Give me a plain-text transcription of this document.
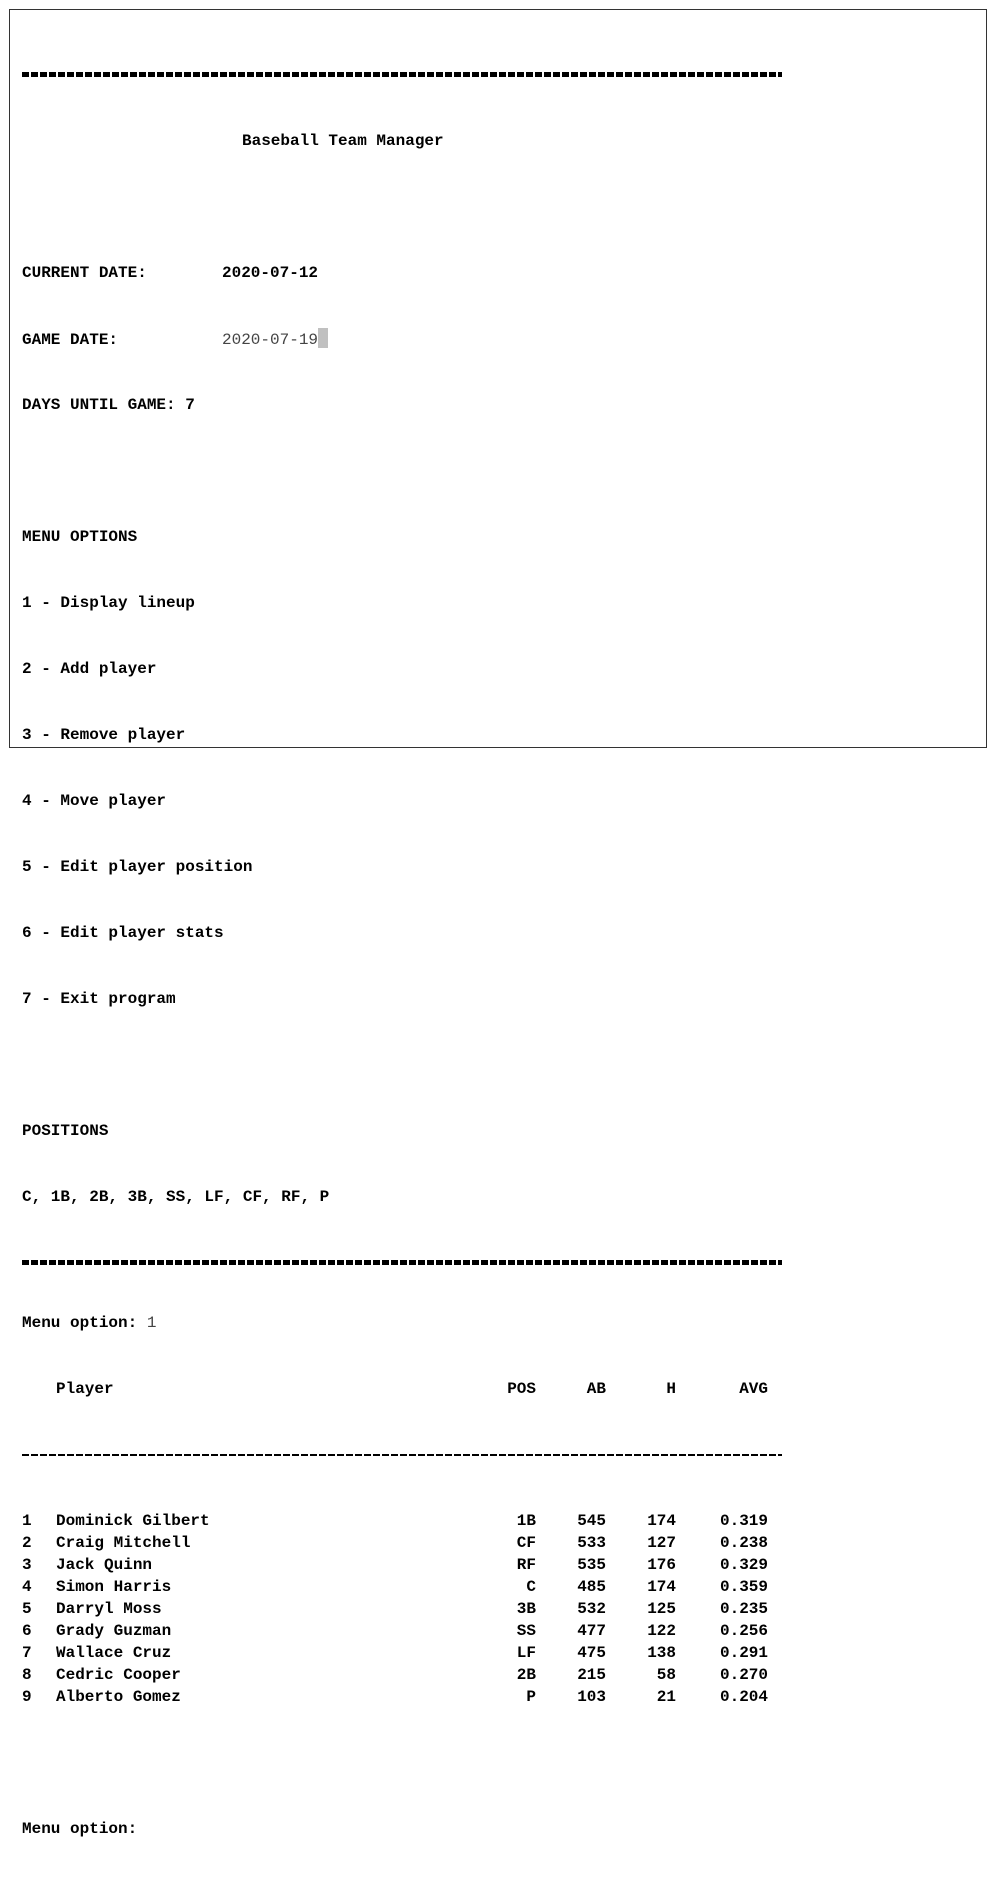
Baseball Team Manager

CURRENT DATE:	2020-07-12

GAME DATE:	2020-07-19

DAYS UNTIL GAME: 7

MENU OPTIONS

1 - Display lineup

2 - Add player

3 - Remove player

4 - Move player

5 - Edit player position

6 - Edit player stats

7 - Exit program

POSITIONS

C, 1B, 2B, 3B, SS, LF, CF, RF, P

Menu option: 1

Player	POS	AB	H	AVG

1 Dominick Gilbert	1B	545	174	0.319
2 Craig Mitchell	CF	533	127	0.238
3 Jack Quinn	RF	535	176	0.329
4 Simon Harris	C	485	174	0.359
5 Darryl Moss	3B	532	125	0.235
6 Grady Guzman	SS	477	122	0.256
7 Wallace Cruz	LF	475	138	0.291
8 Cedric Cooper	2B	215	58	0.270
9 Alberto Gomez	P	103	21	0.204

Menu option:
